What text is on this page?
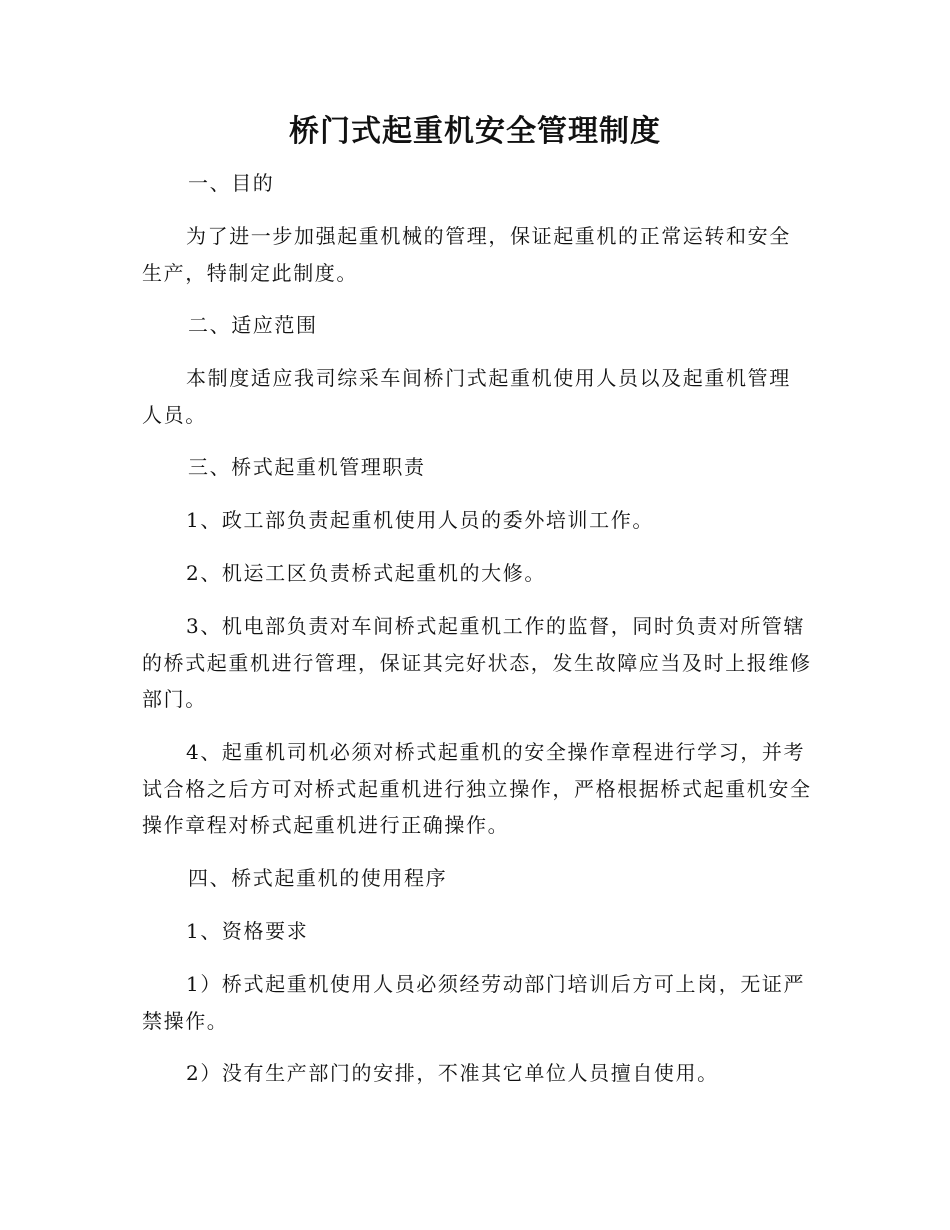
桥门式起重机安全管理制度

一、目的

为了进一步加强起重机械的管理，保证起重机的正常运转和安全生产，特制定此制度。

二、适应范围

本制度适应我司综采车间桥门式起重机使用人员以及起重机管理人员。

三、桥式起重机管理职责

1、政工部负责起重机使用人员的委外培训工作。

2、机运工区负责桥式起重机的大修。

3、机电部负责对车间桥式起重机工作的监督，同时负责对所管辖的桥式起重机进行管理，保证其完好状态，发生故障应当及时上报维修部门。

4、起重机司机必须对桥式起重机的安全操作章程进行学习，并考试合格之后方可对桥式起重机进行独立操作，严格根据桥式起重机安全操作章程对桥式起重机进行正确操作。

四、桥式起重机的使用程序

1、资格要求

1）桥式起重机使用人员必须经劳动部门培训后方可上岗，无证严禁操作。

2）没有生产部门的安排，不准其它单位人员擅自使用。
